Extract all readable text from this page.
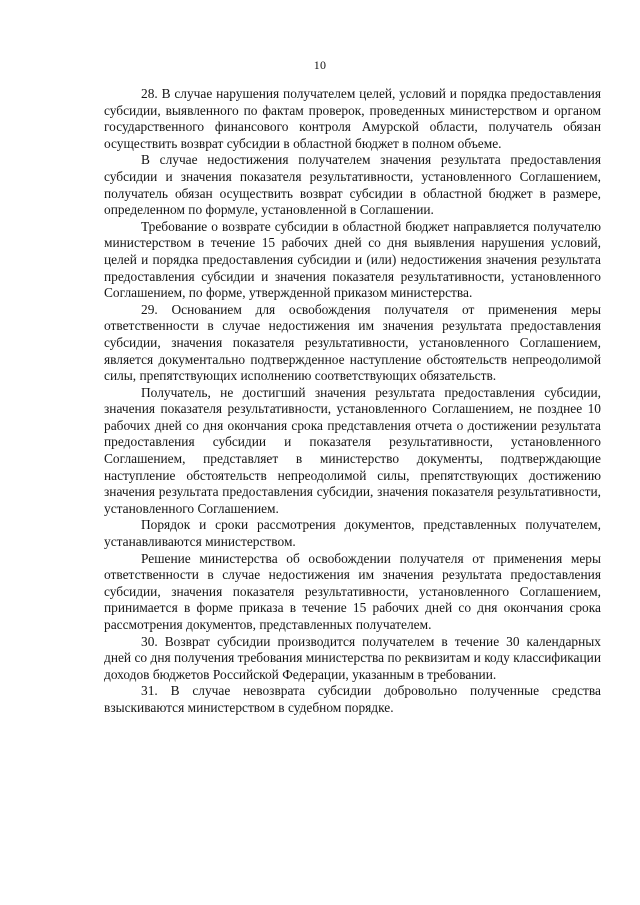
10

28. В случае нарушения получателем целей, условий и порядка предоставления субсидии, выявленного по фактам проверок, проведенных министерством и органом государственного финансового контроля Амурской области, получатель обязан осуществить возврат субсидии в областной бюджет в полном объеме.

В случае недостижения получателем значения результата предоставления субсидии и значения показателя результативности, установленного Соглашением, получатель обязан осуществить возврат субсидии в областной бюджет в размере, определенном по формуле, установленной в Соглашении.

Требование о возврате субсидии в областной бюджет направляется получателю министерством в течение 15 рабочих дней со дня выявления нарушения условий, целей и порядка предоставления субсидии и (или) недостижения значения результата предоставления субсидии и значения показателя результативности, установленного Соглашением, по форме, утвержденной приказом министерства.

29. Основанием для освобождения получателя от применения меры ответственности в случае недостижения им значения результата предоставления субсидии, значения показателя результативности, установленного Соглашением, является документально подтвержденное наступление обстоятельств непреодолимой силы, препятствующих исполнению соответствующих обязательств.

Получатель, не достигший значения результата предоставления субсидии, значения показателя результативности, установленного Соглашением, не позднее 10 рабочих дней со дня окончания срока представления отчета о достижении результата предоставления субсидии и показателя результативности, установленного Соглашением, представляет в министерство документы, подтверждающие наступление обстоятельств непреодолимой силы, препятствующих достижению значения результата предоставления субсидии, значения показателя результативности, установленного Соглашением.

Порядок и сроки рассмотрения документов, представленных получателем, устанавливаются министерством.

Решение министерства об освобождении получателя от применения меры ответственности в случае недостижения им значения результата предоставления субсидии, значения показателя результативности, установленного Соглашением, принимается в форме приказа в течение 15 рабочих дней со дня окончания срока рассмотрения документов, представленных получателем.

30. Возврат субсидии производится получателем в течение 30 календарных дней со дня получения требования министерства по реквизитам и коду классификации доходов бюджетов Российской Федерации, указанным в требовании.

31. В случае невозврата субсидии добровольно полученные средства взыскиваются министерством в судебном порядке.
